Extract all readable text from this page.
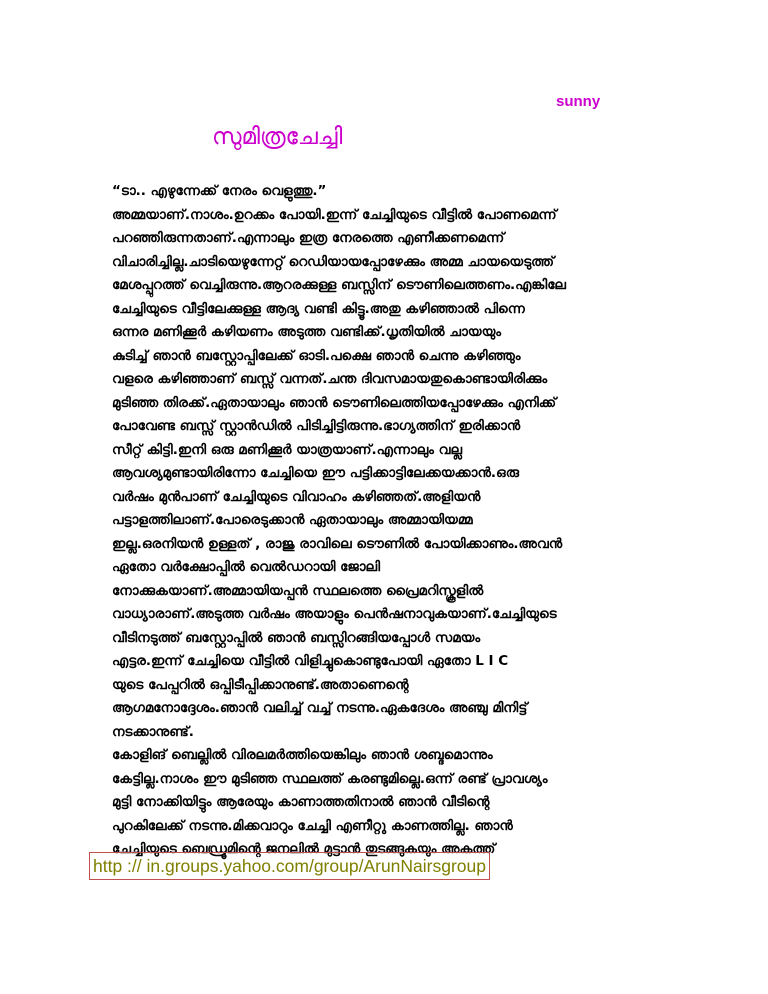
sunny
സുമിത്രചേച്ചി
“ടാ.. എഴുന്നേക്ക് നേരം വെളുത്തു.”
അമ്മയാണ്.നാശം.ഉറക്കം പോയി.ഇന്ന് ചേച്ചിയുടെ വീട്ടിൽ പോണമെന്ന്
പറഞ്ഞിരുന്നതാണ്.എന്നാലും ഇത്ര നേരത്തെ എണീക്കണമെന്ന്
വിചാരിച്ചില്ല.ചാടിയെഴുന്നേറ്റ് റെഡിയായപ്പോഴേക്കും അമ്മ ചായയെടുത്ത്
മേശപ്പുറത്ത് വെച്ചിരുന്നു.ആറരക്കുള്ള ബസ്സിന് ടൌണിലെത്തണം.എങ്കിലേ
ചേച്ചിയുടെ വീട്ടിലേക്കുള്ള ആദ്യ വണ്ടി കിട്ടൂ.അതു കഴിഞ്ഞാൽ പിന്നെ
ഒന്നര മണിക്കൂർ കഴിയണം അടുത്ത വണ്ടിക്ക്.ധൃതിയിൽ ചായയും
കുടിച്ച് ഞാൻ ബസ്റ്റോപ്പിലേക്ക് ഓടി.പക്ഷെ ഞാൻ ചെന്നു കഴിഞ്ഞും
വളരെ കഴിഞ്ഞാണ് ബസ്സ് വന്നത്.ചന്ത ദിവസമായതുകൊണ്ടായിരിക്കും
മുടിഞ്ഞ തിരക്ക്.ഏതായാലും ഞാൻ ടൌണിലെത്തിയപ്പോഴേക്കും എനിക്ക്
പോവേണ്ട ബസ്സ് സ്റ്റാൻഡിൽ പിടിച്ചിട്ടിരുന്നു.ഭാഗ്യത്തിന് ഇരിക്കാൻ
സീറ്റ് കിട്ടി.ഇനി ഒരു മണിക്കൂർ യാത്രയാണ്.എന്നാലും വല്ല
ആവശ്യമുണ്ടായിരിന്നോ ചേച്ചിയെ ഈ പട്ടിക്കാട്ടിലേക്കയക്കാൻ.ഒരു
വർഷം മുൻപാണ് ചേച്ചിയുടെ വിവാഹം കഴിഞ്ഞത്.അളിയൻ
പട്ടാളത്തിലാണ്.പോരെടുക്കാൻ ഏതായാലും അമ്മായിയമ്മ
ഇല്ല.ഒരനിയൻ ഉള്ളത് , രാജു രാവിലെ ടൌണിൽ പോയിക്കാണും.അവൻ
ഏതോ വർക്ഷോപ്പിൽ വെൽഡറായി ജോലി
നോക്കുകയാണ്.അമ്മായിയപ്പൻ സ്ഥലത്തെ പ്രൈമറിസ്കൂളിൽ
വാധ്യാരാണ്.അടുത്ത വർഷം അയാളും പെൻഷനാവുകയാണ്.ചേച്ചിയുടെ
വീടിനടുത്ത് ബസ്റ്റോപ്പിൽ ഞാൻ ബസ്സിറങ്ങിയപ്പോൾ സമയം
എട്ടര.ഇന്ന് ചേച്ചിയെ വീട്ടിൽ വിളിച്ചുകൊണ്ടുപോയി ഏതോ L I C
യുടെ പേപ്പറിൽ ഒപ്പിടീപ്പിക്കാനുണ്ട്.അതാണെന്റെ
ആഗമനോദ്ദേശം.ഞാൻ വലിച്ച് വച്ച് നടന്നു.ഏകദേശം അഞ്ചു മിനിട്ട്
നടക്കാനുണ്ട്.
കോളിങ് ബെല്ലിൽ വിരലമർത്തിയെങ്കിലും ഞാൻ ശബ്ദമൊന്നും
കേട്ടില്ല.നാശം ഈ മുടിഞ്ഞ സ്ഥലത്ത് കരണ്ടുമില്ലെ.ഒന്ന് രണ്ട് പ്രാവശ്യം
മുട്ടി നോക്കിയിട്ടും ആരേയും കാണാത്തതിനാൽ ഞാൻ വീടിന്റെ
പുറകിലേക്ക് നടന്നു.മിക്കവാറും ചേച്ചി എണീറ്റു കാണത്തില്ല. ഞാൻ
ചേച്ചിയുടെ ബെഡ്രൂമിന്റെ ജനലിൽ മുട്ടാൻ തുടങ്ങുകയും അകത്ത്
http :// in.groups.yahoo.com/group/ArunNairsgroup
